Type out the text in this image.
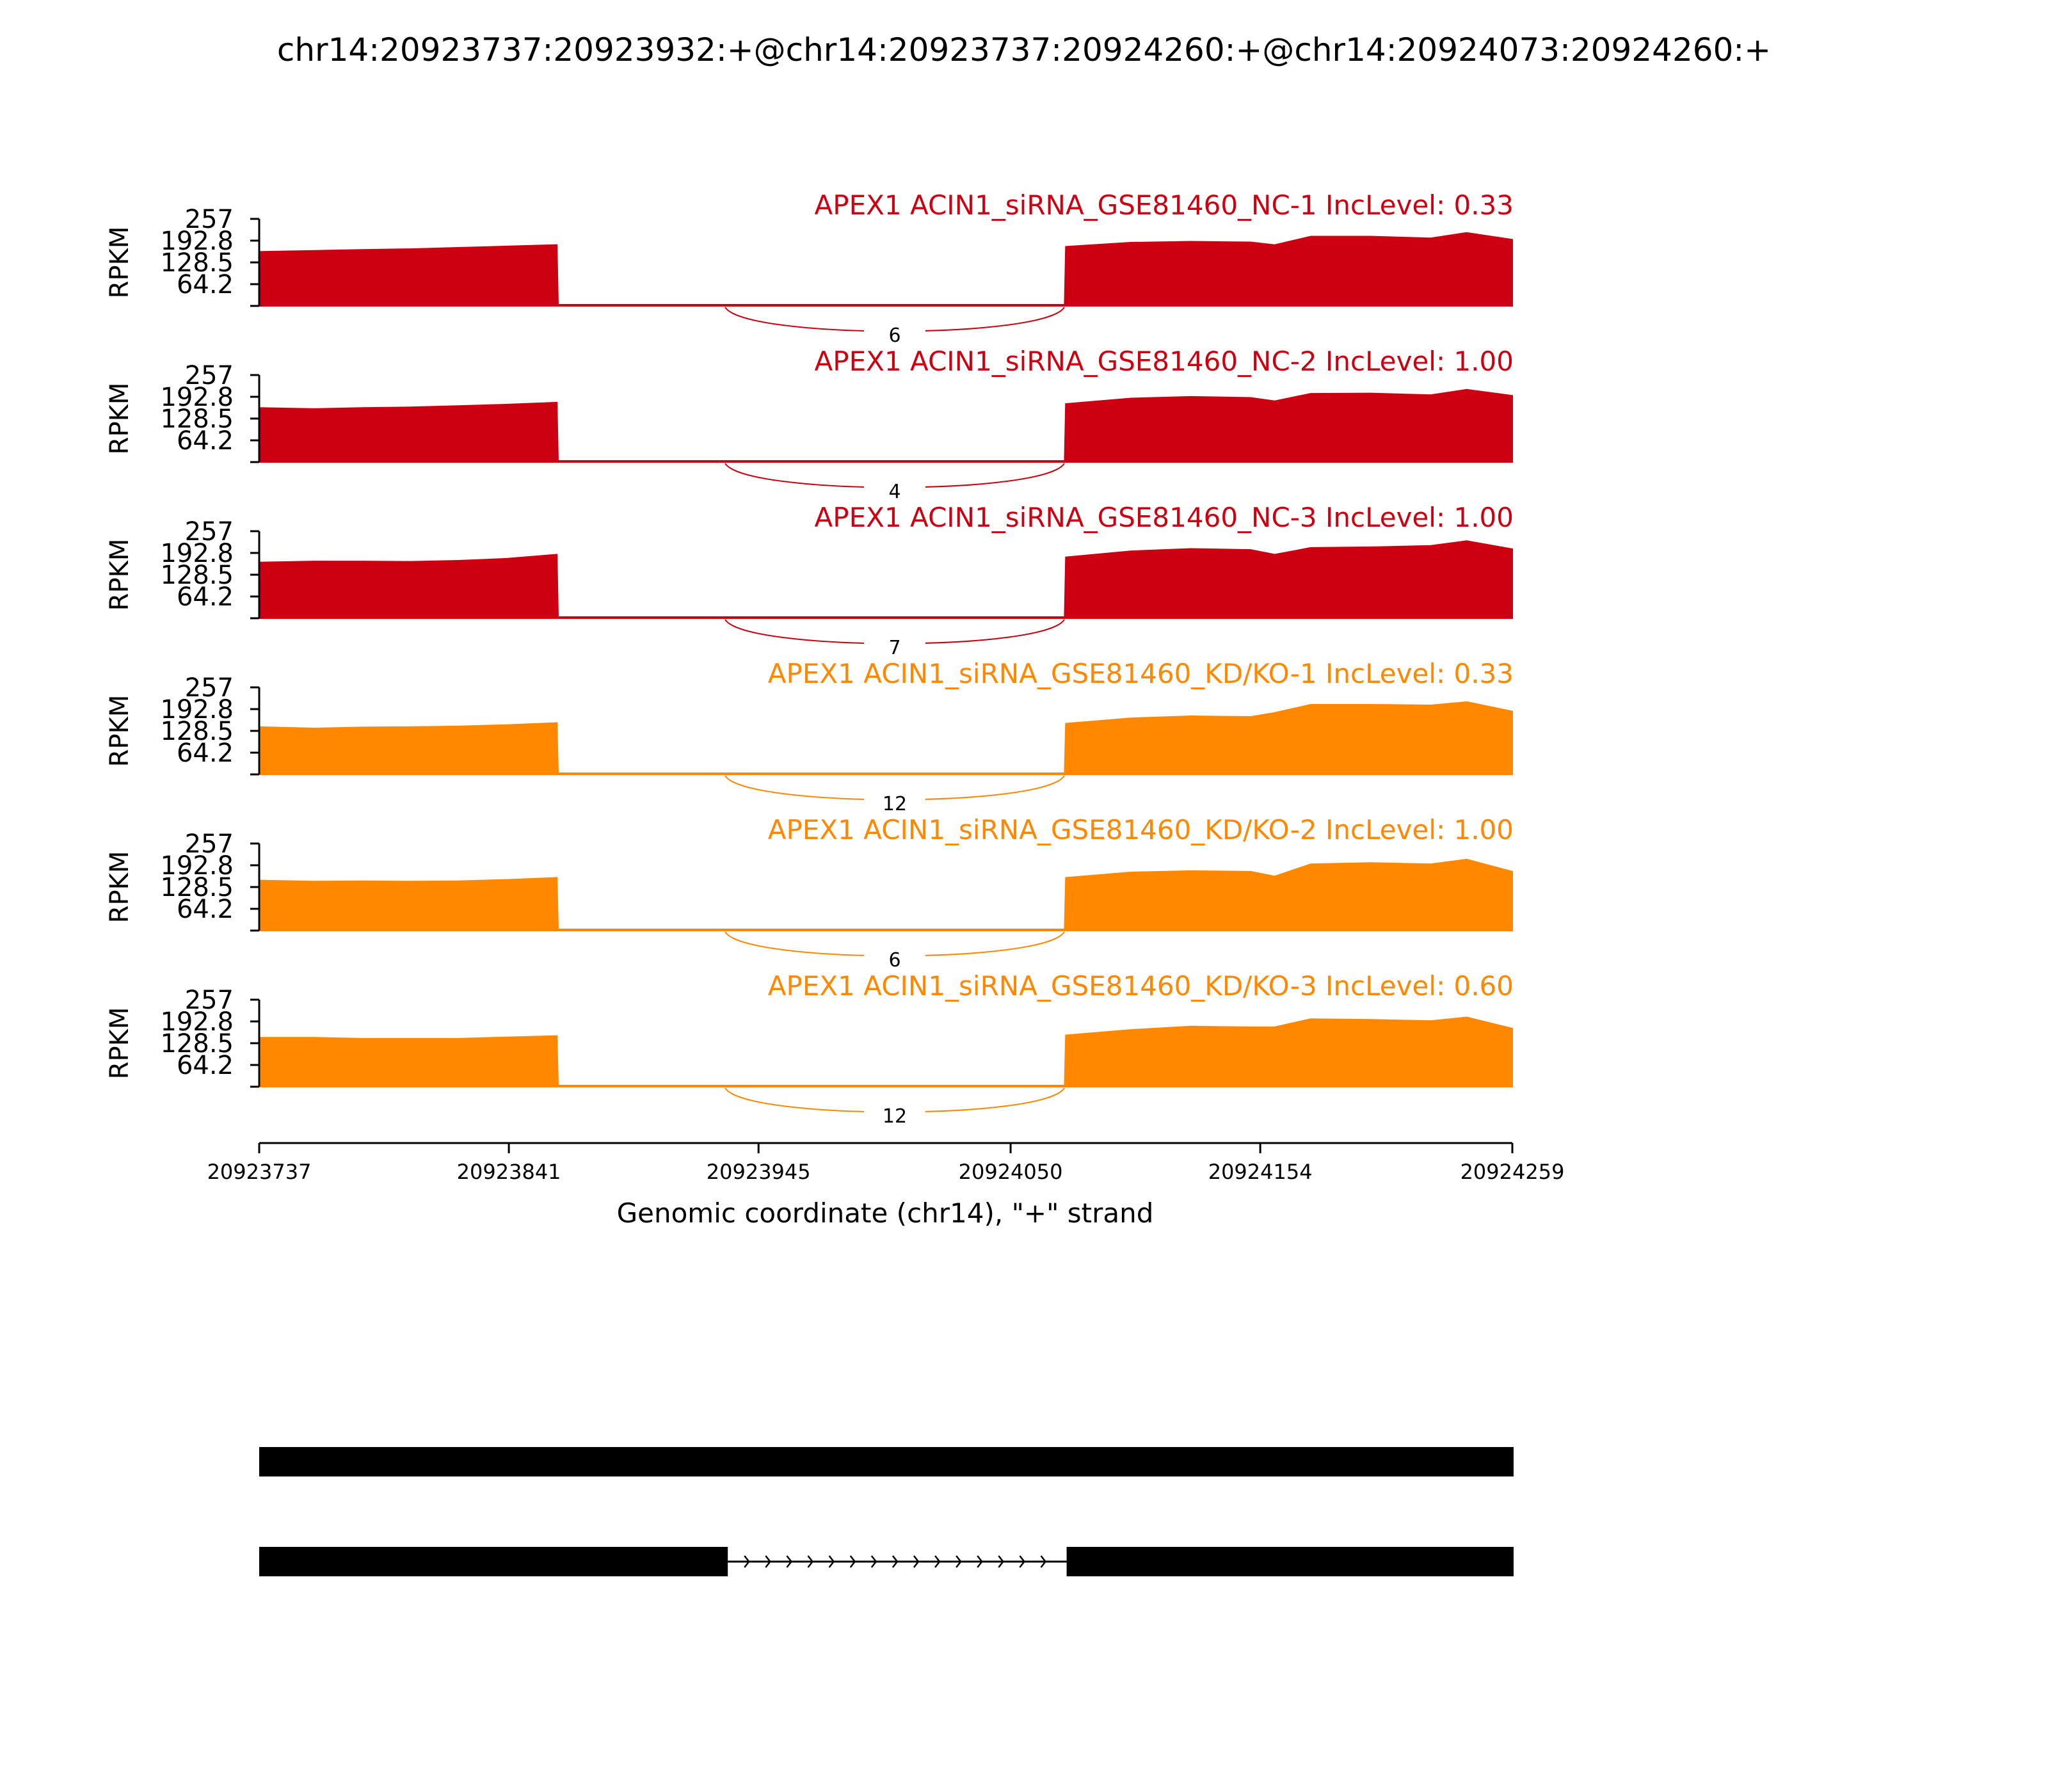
chr14:20923737:20923932:+@chr14:20923737:20924260:+@chr14:20924073:20924260:+
64.2
128.5
192.8
257
RPKM
APEX1 ACIN1_siRNA_GSE81460_NC-1 IncLevel: 0.33
6
64.2
128.5
192.8
257
RPKM
APEX1 ACIN1_siRNA_GSE81460_NC-2 IncLevel: 1.00
4
64.2
128.5
192.8
257
RPKM
APEX1 ACIN1_siRNA_GSE81460_NC-3 IncLevel: 1.00
7
64.2
128.5
192.8
257
RPKM
APEX1 ACIN1_siRNA_GSE81460_KD/KO-1 IncLevel: 0.33
12
64.2
128.5
192.8
257
RPKM
APEX1 ACIN1_siRNA_GSE81460_KD/KO-2 IncLevel: 1.00
6
64.2
128.5
192.8
257
RPKM
APEX1 ACIN1_siRNA_GSE81460_KD/KO-3 IncLevel: 0.60
12
20923737	20923841	20923945	20924050	20924154	20924259
Genomic coordinate (chr14), "+" strand
